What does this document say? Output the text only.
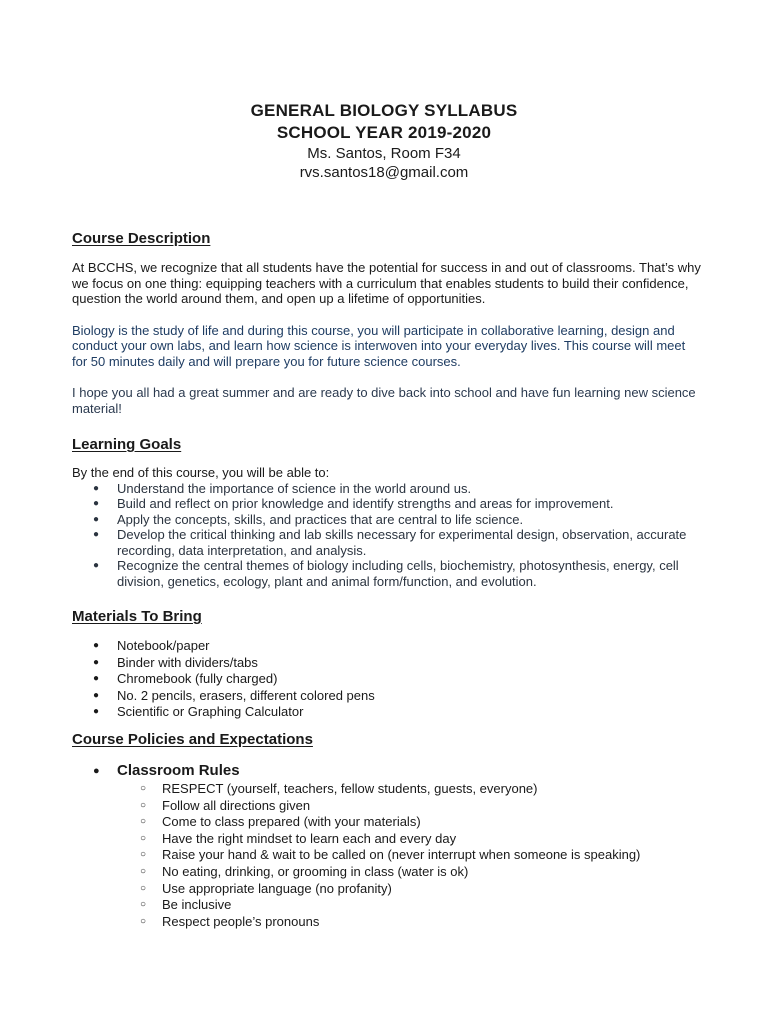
GENERAL BIOLOGY SYLLABUS
SCHOOL YEAR 2019-2020
Ms. Santos, Room F34
rvs.santos18@gmail.com
Course Description

At BCCHS, we recognize that all students have the potential for success in and out of classrooms. That’s why we focus on one thing: equipping teachers with a curriculum that enables students to build their confidence, question the world around them, and open up a lifetime of opportunities.

Biology is the study of life and during this course, you will participate in collaborative learning, design and conduct your own labs, and learn how science is interwoven into your everyday lives. This course will meet for 50 minutes daily and will prepare you for future science courses.

I hope you all had a great summer and are ready to dive back into school and have fun learning new science material!

Learning Goals

By the end of this course, you will be able to:

● Understand the importance of science in the world around us.
● Build and reflect on prior knowledge and identify strengths and areas for improvement.
● Apply the concepts, skills, and practices that are central to life science.
● Develop the critical thinking and lab skills necessary for experimental design, observation, accurate recording, data interpretation, and analysis.
● Recognize the central themes of biology including cells, biochemistry, photosynthesis, energy, cell division, genetics, ecology, plant and animal form/function, and evolution.
Materials To Bring
● Notebook/paper
● Binder with dividers/tabs
● Chromebook (fully charged)
● No. 2 pencils, erasers, different colored pens
● Scientific or Graphing Calculator
Course Policies and Expectations
● Classroom Rules
○ RESPECT (yourself, teachers, fellow students, guests, everyone)
○ Follow all directions given
○ Come to class prepared (with your materials)
○ Have the right mindset to learn each and every day
○ Raise your hand & wait to be called on (never interrupt when someone is speaking)
○ No eating, drinking, or grooming in class (water is ok)
○ Use appropriate language (no profanity)
○ Be inclusive
○ Respect people’s pronouns
